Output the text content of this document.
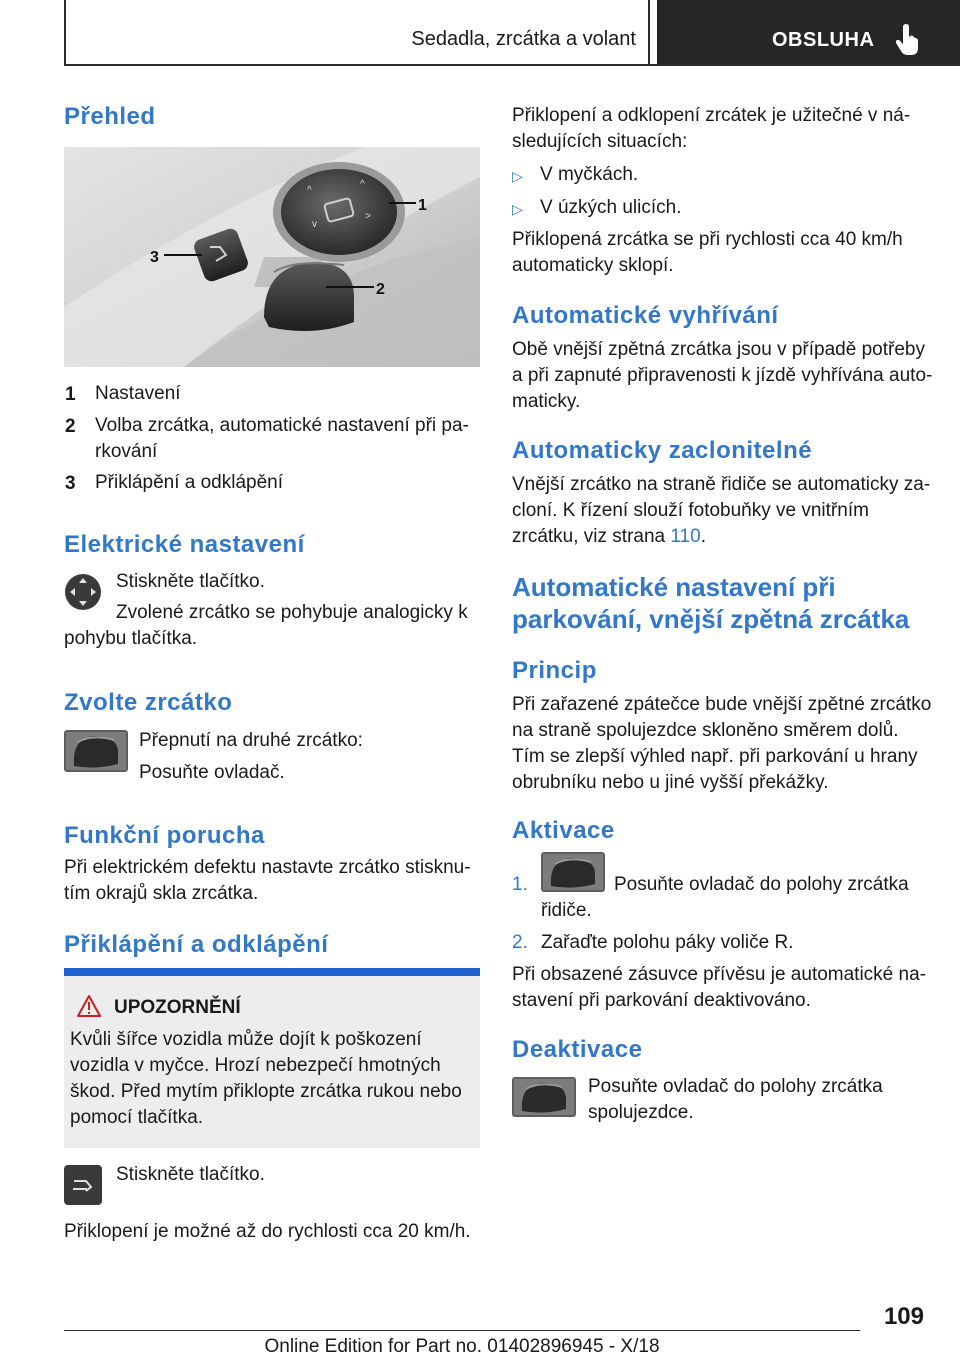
Sedadla, zrcátka a volant	OBSLUHA
Přehled
^
^
v
>
1
2
3
1 Nastavení
2 Volba zrcátka, automatické nastavení při pa-
rkování
3 Přiklápění a odklápění
Elektrické nastavení
Stiskněte tlačítko.
Zvolené zrcátko se pohybuje analogicky k
pohybu tlačítka.
Zvolte zrcátko
Přepnutí na druhé zrcátko:
Posuňte ovladač.
Funkční porucha
Při elektrickém defektu nastavte zrcátko stisknu-
tím okrajů skla zrcátka.
Přiklápění a odklápění
UPOZORNĚNÍ
Kvůli šířce vozidla může dojít k poškození
vozidla v myčce. Hrozí nebezpečí hmotných
škod. Před mytím přiklopte zrcátka rukou nebo
pomocí tlačítka.
Stiskněte tlačítko.
Přiklopení je možné až do rychlosti cca 20 km/h.
Přiklopení a odklopení zrcátek je užitečné v ná-
sledujících situacích:
▷ V myčkách.
▷ V úzkých ulicích.
Přiklopená zrcátka se při rychlosti cca 40 km/h
automaticky sklopí.
Automatické vyhřívání
Obě vnější zpětná zrcátka jsou v případě potřeby
a při zapnuté připravenosti k jízdě vyhřívána auto-
maticky.
Automaticky zaclonitelné
Vnější zrcátko na straně řidiče se automaticky za-
cloní. K řízení slouží fotobuňky ve vnitřním
zrcátku, viz strana 110.
Automatické nastavení při
parkování, vnější zpětná zrcátka
Princip
Při zařazené zpátečce bude vnější zpětné zrcátko
na straně spolujezdce skloněno směrem dolů.
Tím se zlepší výhled např. při parkování u hrany
obrubníku nebo u jiné vyšší překážky.
Aktivace
1.	Posuňte ovladač do polohy zrcátka
řidiče.
2. Zařaďte polohu páky voliče R.
Při obsazené zásuvce přívěsu je automatické na-
stavení při parkování deaktivováno.
Deaktivace
Posuňte ovladač do polohy zrcátka
spolujezdce.
109
Online Edition for Part no. 01402896945 - X/18
